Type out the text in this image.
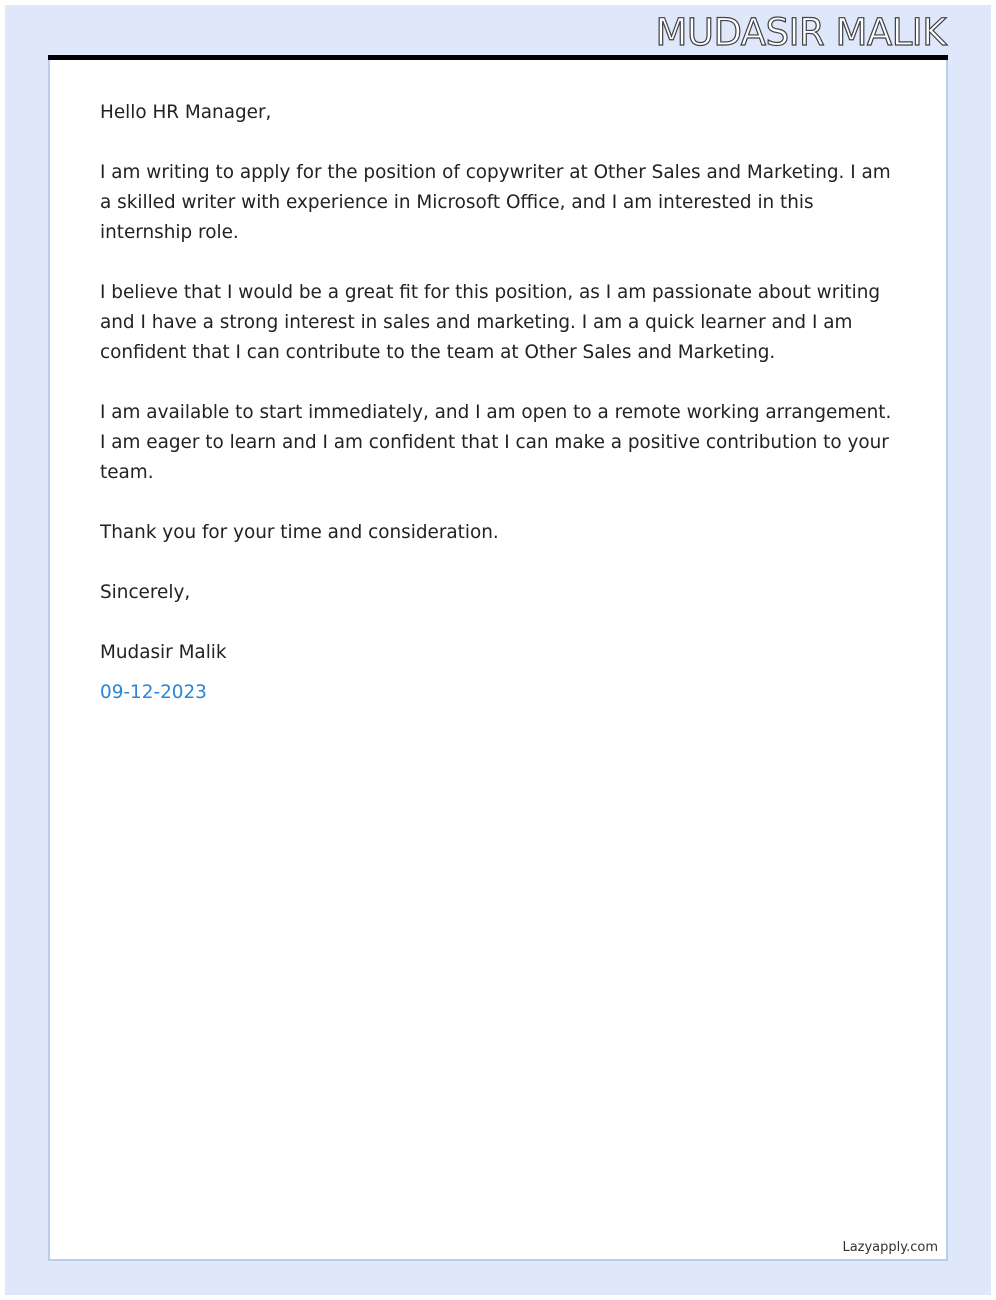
MUDASIR MALIK

Hello HR Manager,

I am writing to apply for the position of copywriter at Other Sales and Marketing. I am a skilled writer with experience in Microsoft Office, and I am interested in this internship role.

I believe that I would be a great fit for this position, as I am passionate about writing and I have a strong interest in sales and marketing. I am a quick learner and I am confident that I can contribute to the team at Other Sales and Marketing.

I am available to start immediately, and I am open to a remote working arrangement. I am eager to learn and I am confident that I can make a positive contribution to your team.

Thank you for your time and consideration.

Sincerely,

Mudasir Malik

09-12-2023

Lazyapply.com
